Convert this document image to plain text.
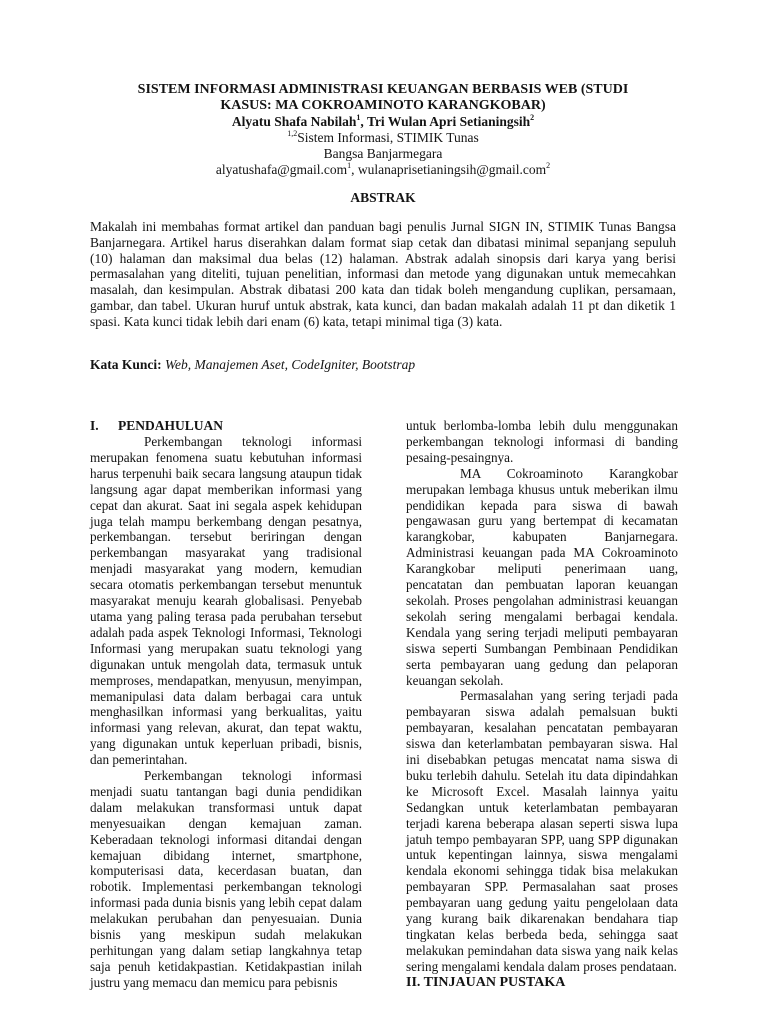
SISTEM INFORMASI ADMINISTRASI KEUANGAN BERBASIS WEB (STUDI
KASUS: MA COKROAMINOTO KARANGKOBAR)

Alyatu Shafa Nabilah$^1$, Tri Wulan Apri Setianingsih$^2$

$^{1,2}$Sistem Informasi, STIMIK Tunas
Bangsa Banjarmegara

alyatushafa@gmail.com$^1$, wulanaprisetianingsih@gmail.com$^2$

ABSTRAK

Makalah ini membahas format artikel dan panduan bagi penulis Jurnal SIGN IN, STIMIK Tunas Bangsa Banjarnegara. Artikel harus diserahkan dalam format siap cetak dan dibatasi minimal sepanjang sepuluh (10) halaman dan maksimal dua belas (12) halaman. Abstrak adalah sinopsis dari karya yang berisi permasalahan yang diteliti, tujuan penelitian, informasi dan metode yang digunakan untuk memecahkan masalah, dan kesimpulan. Abstrak dibatasi 200 kata dan tidak boleh mengandung cuplikan, persamaan, gambar, dan tabel. Ukuran huruf untuk abstrak, kata kunci, dan badan makalah adalah 11 pt dan diketik 1 spasi. Kata kunci tidak lebih dari enam (6) kata, tetapi minimal tiga (3) kata.

Kata Kunci: Web, Manajemen Aset, CodeIgniter, Bootstrap

I. PENDAHULUAN

Perkembangan teknologi informasi merupakan fenomena suatu kebutuhan informasi harus terpenuhi baik secara langsung ataupun tidak langsung agar dapat memberikan informasi yang cepat dan akurat. Saat ini segala aspek kehidupan juga telah mampu berkembang dengan pesatnya, perkembangan. tersebut beriringan dengan perkembangan masyarakat yang tradisional menjadi masyarakat yang modern, kemudian secara otomatis perkembangan tersebut menuntuk masyarakat menuju kearah globalisasi. Penyebab utama yang paling terasa pada perubahan tersebut adalah pada aspek Teknologi Informasi, Teknologi Informasi yang merupakan suatu teknologi yang digunakan untuk mengolah data, termasuk untuk memproses, mendapatkan, menyusun, menyimpan, memanipulasi data dalam berbagai cara untuk menghasilkan informasi yang berkualitas, yaitu informasi yang relevan, akurat, dan tepat waktu, yang digunakan untuk keperluan pribadi, bisnis, dan pemerintahan.

Perkembangan teknologi informasi menjadi suatu tantangan bagi dunia pendidikan dalam melakukan transformasi untuk dapat menyesuaikan dengan kemajuan zaman. Keberadaan teknologi informasi ditandai dengan kemajuan dibidang internet, smartphone, komputerisasi data, kecerdasan buatan, dan robotik. Implementasi perkembangan teknologi informasi pada dunia bisnis yang lebih cepat dalam melakukan perubahan dan penyesuaian. Dunia bisnis yang meskipun sudah melakukan perhitungan yang dalam setiap langkahnya tetap saja penuh ketidakpastian. Ketidakpastian inilah justru yang memacu dan memicu para pebisnis

untuk berlomba-lomba lebih dulu menggunakan perkembangan teknologi informasi di banding pesaing-pesaingnya.

MA Cokroaminoto Karangkobar merupakan lembaga khusus untuk meberikan ilmu pendidikan kepada para siswa di bawah pengawasan guru yang bertempat di kecamatan karangkobar, kabupaten Banjarnegara. Administrasi keuangan pada MA Cokroaminoto Karangkobar meliputi penerimaan uang, pencatatan dan pembuatan laporan keuangan sekolah. Proses pengolahan administrasi keuangan sekolah sering mengalami berbagai kendala. Kendala yang sering terjadi meliputi pembayaran siswa seperti Sumbangan Pembinaan Pendidikan serta pembayaran uang gedung dan pelaporan keuangan sekolah.

Permasalahan yang sering terjadi pada pembayaran siswa adalah pemalsuan bukti pembayaran, kesalahan pencatatan pembayaran siswa dan keterlambatan pembayaran siswa. Hal ini disebabkan petugas mencatat nama siswa di buku terlebih dahulu. Setelah itu data dipindahkan ke Microsoft Excel. Masalah lainnya yaitu Sedangkan untuk keterlambatan pembayaran terjadi karena beberapa alasan seperti siswa lupa jatuh tempo pembayaran SPP, uang SPP digunakan untuk kepentingan lainnya, siswa mengalami kendala ekonomi sehingga tidak bisa melakukan pembayaran SPP. Permasalahan saat proses pembayaran uang gedung yaitu pengelolaan data yang kurang baik dikarenakan bendahara tiap tingkatan kelas berbeda beda, sehingga saat melakukan pemindahan data siswa yang naik kelas sering mengalami kendala dalam proses pendataan.

II. TINJAUAN PUSTAKA
